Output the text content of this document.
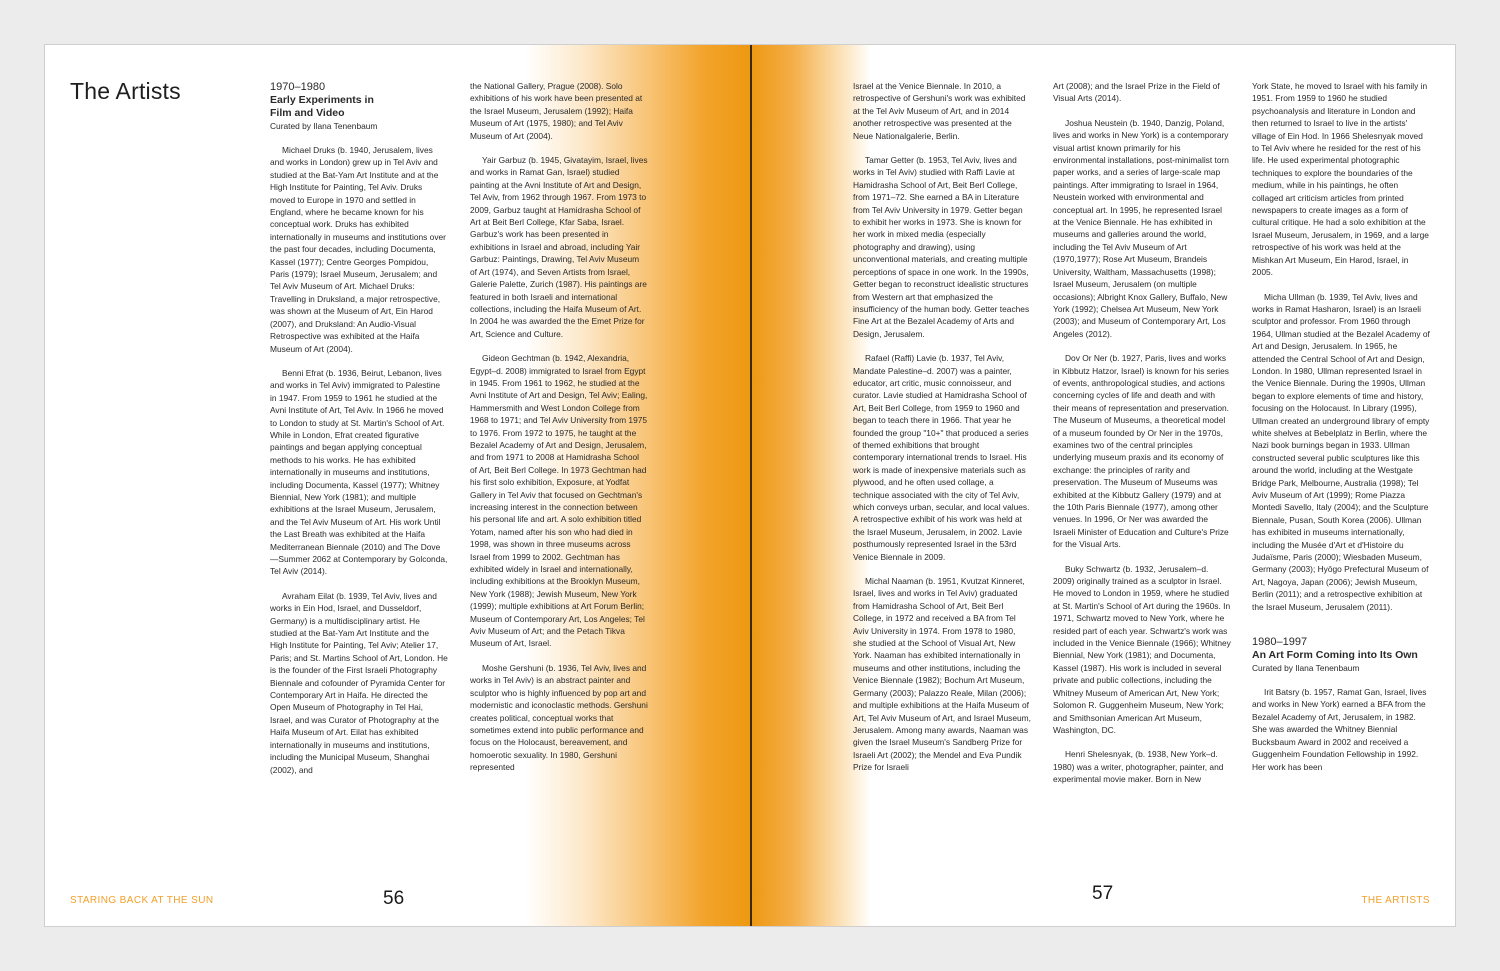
The Artists	1970–1980

Early Experiments in

Film and Video

Curated by Ilana Tenenbaum

Michael Druks (b. 1940, Jerusalem, lives and works in London) grew up in Tel Aviv and studied at the Bat-Yam Art Institute and at the High Institute for Painting, Tel Aviv. Druks moved to Europe in 1970 and settled in England, where he became known for his conceptual work. Druks has exhibited internationally in museums and institutions over the past four decades, including Documenta, Kassel (1977); Centre Georges Pompidou, Paris (1979); Israel Museum, Jerusalem; and Tel Aviv Museum of Art. Michael Druks: Travelling in Druksland, a major retrospective, was shown at the Museum of Art, Ein Harod (2007), and Druksland: An Audio-Visual Retrospective was exhibited at the Haifa Museum of Art (2004).

Benni Efrat (b. 1936, Beirut, Lebanon, lives and works in Tel Aviv) immigrated to Palestine in 1947. From 1959 to 1961 he studied at the Avni Institute of Art, Tel Aviv. In 1966 he moved to London to study at St. Martin's School of Art. While in London, Efrat created figurative paintings and began applying conceptual methods to his works. He has exhibited internationally in museums and institutions, including Documenta, Kassel (1977); Whitney Biennial, New York (1981); and multiple exhibitions at the Israel Museum, Jerusalem, and the Tel Aviv Museum of Art. His work Until the Last Breath was exhibited at the Haifa Mediterranean Biennale (2010) and The Dove—Summer 2062 at Contemporary by Golconda, Tel Aviv (2014).

Avraham Eilat (b. 1939, Tel Aviv, lives and works in Ein Hod, Israel, and Dusseldorf, Germany) is a multidisciplinary artist. He studied at the Bat-Yam Art Institute and the High Institute for Painting, Tel Aviv; Atelier 17, Paris; and St. Martins School of Art, London. He is the founder of the First Israeli Photography Biennale and cofounder of Pyramida Center for Contemporary Art in Haifa. He directed the Open Museum of Photography in Tel Hai, Israel, and was Curator of Photography at the Haifa Museum of Art. Eilat has exhibited internationally in museums and institutions, including the Municipal Museum, Shanghai (2002), and

the National Gallery, Prague (2008). Solo exhibitions of his work have been presented at the Israel Museum, Jerusalem (1992); Haifa Museum of Art (1975, 1980); and Tel Aviv Museum of Art (2004).

Yair Garbuz (b. 1945, Givatayim, Israel, lives and works in Ramat Gan, Israel) studied painting at the Avni Institute of Art and Design, Tel Aviv, from 1962 through 1967. From 1973 to 2009, Garbuz taught at Hamidrasha School of Art at Beit Berl College, Kfar Saba, Israel. Garbuz's work has been presented in exhibitions in Israel and abroad, including Yair Garbuz: Paintings, Drawing, Tel Aviv Museum of Art (1974), and Seven Artists from Israel, Galerie Palette, Zurich (1987). His paintings are featured in both Israeli and international collections, including the Haifa Museum of Art. In 2004 he was awarded the the Emet Prize for Art, Science and Culture.

Gideon Gechtman (b. 1942, Alexandria, Egypt–d. 2008) immigrated to Israel from Egypt in 1945. From 1961 to 1962, he studied at the Avni Institute of Art and Design, Tel Aviv; Ealing, Hammersmith and West London College from 1968 to 1971; and Tel Aviv University from 1975 to 1976. From 1972 to 1975, he taught at the Bezalel Academy of Art and Design, Jerusalem, and from 1971 to 2008 at Hamidrasha School of Art, Beit Berl College. In 1973 Gechtman had his first solo exhibition, Exposure, at Yodfat Gallery in Tel Aviv that focused on Gechtman's increasing interest in the connection between his personal life and art. A solo exhibition titled Yotam, named after his son who had died in 1998, was shown in three museums across Israel from 1999 to 2002. Gechtman has exhibited widely in Israel and internationally, including exhibitions at the Brooklyn Museum, New York (1988); Jewish Museum, New York (1999); multiple exhibitions at Art Forum Berlin; Museum of Contemporary Art, Los Angeles; Tel Aviv Museum of Art; and the Petach Tikva Museum of Art, Israel.

Moshe Gershuni (b. 1936, Tel Aviv, lives and works in Tel Aviv) is an abstract painter and sculptor who is highly influenced by pop art and modernistic and iconoclastic methods. Gershuni creates political, conceptual works that sometimes extend into public performance and focus on the Holocaust, bereavement, and homoerotic sexuality. In 1980, Gershuni represented

Israel at the Venice Biennale. In 2010, a retrospective of Gershuni's work was exhibited at the Tel Aviv Museum of Art, and in 2014 another retrospective was presented at the Neue Nationalgalerie, Berlin.

Tamar Getter (b. 1953, Tel Aviv, lives and works in Tel Aviv) studied with Raffi Lavie at Hamidrasha School of Art, Beit Berl College, from 1971–72. She earned a BA in Literature from Tel Aviv University in 1979. Getter began to exhibit her works in 1973. She is known for her work in mixed media (especially photography and drawing), using unconventional materials, and creating multiple perceptions of space in one work. In the 1990s, Getter began to reconstruct idealistic structures from Western art that emphasized the insufficiency of the human body. Getter teaches Fine Art at the Bezalel Academy of Arts and Design, Jerusalem.

Rafael (Raffi) Lavie (b. 1937, Tel Aviv, Mandate Palestine–d. 2007) was a painter, educator, art critic, music connoisseur, and curator. Lavie studied at Hamidrasha School of Art, Beit Berl College, from 1959 to 1960 and began to teach there in 1966. That year he founded the group "10+" that produced a series of themed exhibitions that brought contemporary international trends to Israel. His work is made of inexpensive materials such as plywood, and he often used collage, a technique associated with the city of Tel Aviv, which conveys urban, secular, and local values. A retrospective exhibit of his work was held at the Israel Museum, Jerusalem, in 2002. Lavie posthumously represented Israel in the 53rd Venice Biennale in 2009.

Michal Naaman (b. 1951, Kvutzat Kinneret, Israel, lives and works in Tel Aviv) graduated from Hamidrasha School of Art, Beit Berl College, in 1972 and received a BA from Tel Aviv University in 1974. From 1978 to 1980, she studied at the School of Visual Art, New York. Naaman has exhibited internationally in museums and other institutions, including the Venice Biennale (1982); Bochum Art Museum, Germany (2003); Palazzo Reale, Milan (2006); and multiple exhibitions at the Haifa Museum of Art, Tel Aviv Museum of Art, and Israel Museum, Jerusalem. Among many awards, Naaman was given the Israel Museum's Sandberg Prize for Israeli Art (2002); the Mendel and Eva Pundik Prize for Israeli

Art (2008); and the Israel Prize in the Field of Visual Arts (2014).

Joshua Neustein (b. 1940, Danzig, Poland, lives and works in New York) is a contemporary visual artist known primarily for his environmental installations, post-minimalist torn paper works, and a series of large-scale map paintings. After immigrating to Israel in 1964, Neustein worked with environmental and conceptual art. In 1995, he represented Israel at the Venice Biennale. He has exhibited in museums and galleries around the world, including the Tel Aviv Museum of Art (1970,1977); Rose Art Museum, Brandeis University, Waltham, Massachusetts (1998); Israel Museum, Jerusalem (on multiple occasions); Albright Knox Gallery, Buffalo, New York (1992); Chelsea Art Museum, New York (2003); and Museum of Contemporary Art, Los Angeles (2012).

Dov Or Ner (b. 1927, Paris, lives and works in Kibbutz Hatzor, Israel) is known for his series of events, anthropological studies, and actions concerning cycles of life and death and with their means of representation and preservation. The Museum of Museums, a theoretical model of a museum founded by Or Ner in the 1970s, examines two of the central principles underlying museum praxis and its economy of exchange: the principles of rarity and preservation. The Museum of Museums was exhibited at the Kibbutz Gallery (1979) and at the 10th Paris Biennale (1977), among other venues. In 1996, Or Ner was awarded the Israeli Minister of Education and Culture's Prize for the Visual Arts.

Buky Schwartz (b. 1932, Jerusalem–d. 2009) originally trained as a sculptor in Israel. He moved to London in 1959, where he studied at St. Martin's School of Art during the 1960s. In 1971, Schwartz moved to New York, where he resided part of each year. Schwartz's work was included in the Venice Biennale (1966); Whitney Biennial, New York (1981); and Documenta, Kassel (1987). His work is included in several private and public collections, including the Whitney Museum of American Art, New York; Solomon R. Guggenheim Museum, New York; and Smithsonian American Art Museum, Washington, DC.

Henri Shelesnyak, (b. 1938, New York–d. 1980) was a writer, photographer, painter, and experimental movie maker. Born in New

York State, he moved to Israel with his family in 1951. From 1959 to 1960 he studied psychoanalysis and literature in London and then returned to Israel to live in the artists' village of Ein Hod. In 1966 Shelesnyak moved to Tel Aviv where he resided for the rest of his life. He used experimental photographic techniques to explore the boundaries of the medium, while in his paintings, he often collaged art criticism articles from printed newspapers to create images as a form of cultural critique. He had a solo exhibition at the Israel Museum, Jerusalem, in 1969, and a large retrospective of his work was held at the Mishkan Art Museum, Ein Harod, Israel, in 2005.

Micha Ullman (b. 1939, Tel Aviv, lives and works in Ramat Hasharon, Israel) is an Israeli sculptor and professor. From 1960 through 1964, Ullman studied at the Bezalel Academy of Art and Design, Jerusalem. In 1965, he attended the Central School of Art and Design, London. In 1980, Ullman represented Israel in the Venice Biennale. During the 1990s, Ullman began to explore elements of time and history, focusing on the Holocaust. In Library (1995), Ullman created an underground library of empty white shelves at Bebelplatz in Berlin, where the Nazi book burnings began in 1933. Ullman constructed several public sculptures like this around the world, including at the Westgate Bridge Park, Melbourne, Australia (1998); Tel Aviv Museum of Art (1999); Rome Piazza Montedi Savello, Italy (2004); and the Sculpture Biennale, Pusan, South Korea (2006). Ullman has exhibited in museums internationally, including the Musée d'Art et d'Histoire du Judaïsme, Paris (2000); Wiesbaden Museum, Germany (2003); Hyōgo Prefectural Museum of Art, Nagoya, Japan (2006); Jewish Museum, Berlin (2011); and a retrospective exhibition at the Israel Museum, Jerusalem (2011).

1980–1997

An Art Form Coming into Its Own

Curated by Ilana Tenenbaum

Irit Batsry (b. 1957, Ramat Gan, Israel, lives and works in New York) earned a BFA from the Bezalel Academy of Art, Jerusalem, in 1982. She was awarded the Whitney Biennial Bucksbaum Award in 2002 and received a Guggenheim Foundation Fellowship in 1992. Her work has been

STARING BACK AT THE SUN	56	57	THE ARTISTS
